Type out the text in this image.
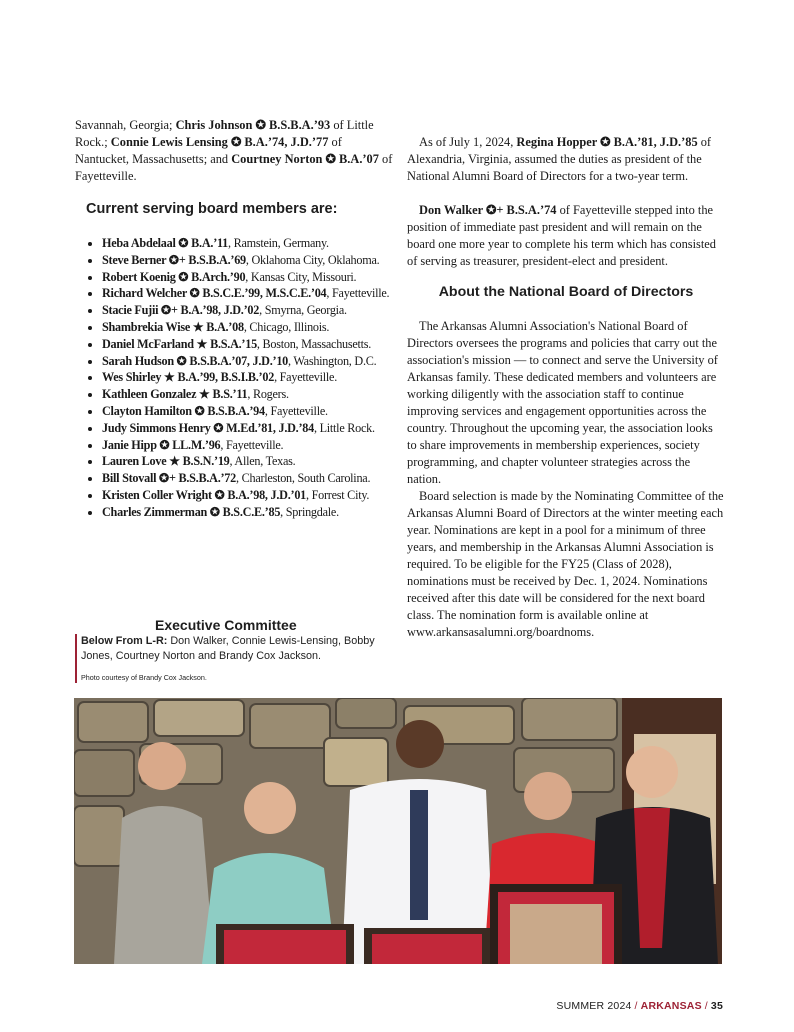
Savannah, Georgia; Chris Johnson ✪ B.S.B.A.’93 of Little Rock.; Connie Lewis Lensing ✪ B.A.’74, J.D.’77 of Nantucket, Massachusetts; and Courtney Norton ✪ B.A.’07 of Fayetteville.

Current serving board members are:
• Heba Abdelaal ✪ B.A.’11, Ramstein, Germany.
• Steve Berner ✪+ B.S.B.A.’69, Oklahoma City, Oklahoma.
• Robert Koenig ✪ B.Arch.’90, Kansas City, Missouri.
• Richard Welcher ✪ B.S.C.E.’99, M.S.C.E.’04, Fayetteville.
• Stacie Fujii ✪+ B.A.’98, J.D.’02, Smyrna, Georgia.
• Shambrekia Wise ★ B.A.’08, Chicago, Illinois.
• Daniel McFarland ★ B.S.A.’15, Boston, Massachusetts.
• Sarah Hudson ✪ B.S.B.A.’07, J.D.’10, Washington, D.C.
• Wes Shirley ★ B.A.’99, B.S.I.B.’02, Fayetteville.
• Kathleen Gonzalez ★ B.S.’11, Rogers.
• Clayton Hamilton ✪ B.S.B.A.’94, Fayetteville.
• Judy Simmons Henry ✪ M.Ed.’81, J.D.’84, Little Rock.
• Janie Hipp ✪ LL.M.’96, Fayetteville.
• Lauren Love ★ B.S.N.’19, Allen, Texas.
• Bill Stovall ✪+ B.S.B.A.’72, Charleston, South Carolina.
• Kristen Coller Wright ✪ B.A.’98, J.D.’01, Forrest City.
• Charles Zimmerman ✪ B.S.C.E.’85, Springdale.

As of July 1, 2024, Regina Hopper ✪ B.A.’81, J.D.’85 of Alexandria, Virginia, assumed the duties as president of the National Alumni Board of Directors for a two-year term.

Don Walker ✪+ B.S.A.’74 of Fayetteville stepped into the position of immediate past president and will remain on the board one more year to complete his term which has consisted of serving as treasurer, president-elect and president.

About the National Board of Directors

The Arkansas Alumni Association's National Board of Directors oversees the programs and policies that carry out the association's mission — to connect and serve the University of Arkansas family. These dedicated members and volunteers are working diligently with the association staff to continue improving services and engagement opportunities across the country. Throughout the upcoming year, the association looks to share improvements in membership experiences, society programming, and chapter volunteer strategies across the nation.

Board selection is made by the Nominating Committee of the Arkansas Alumni Board of Directors at the winter meeting each year. Nominations are kept in a pool for a minimum of three years, and membership in the Arkansas Alumni Association is required. To be eligible for the FY25 (Class of 2028), nominations must be received by Dec. 1, 2024. Nominations received after this date will be considered for the next board class. The nomination form is available online at www.arkansasalumni.org/boardnoms.

Executive Committee
Below From L-R: Don Walker, Connie Lewis-Lensing, Bobby Jones, Courtney Norton and Brandy Cox Jackson.
Photo courtesy of Brandy Cox Jackson.
SUMMER 2024 / ARKANSAS / 35
